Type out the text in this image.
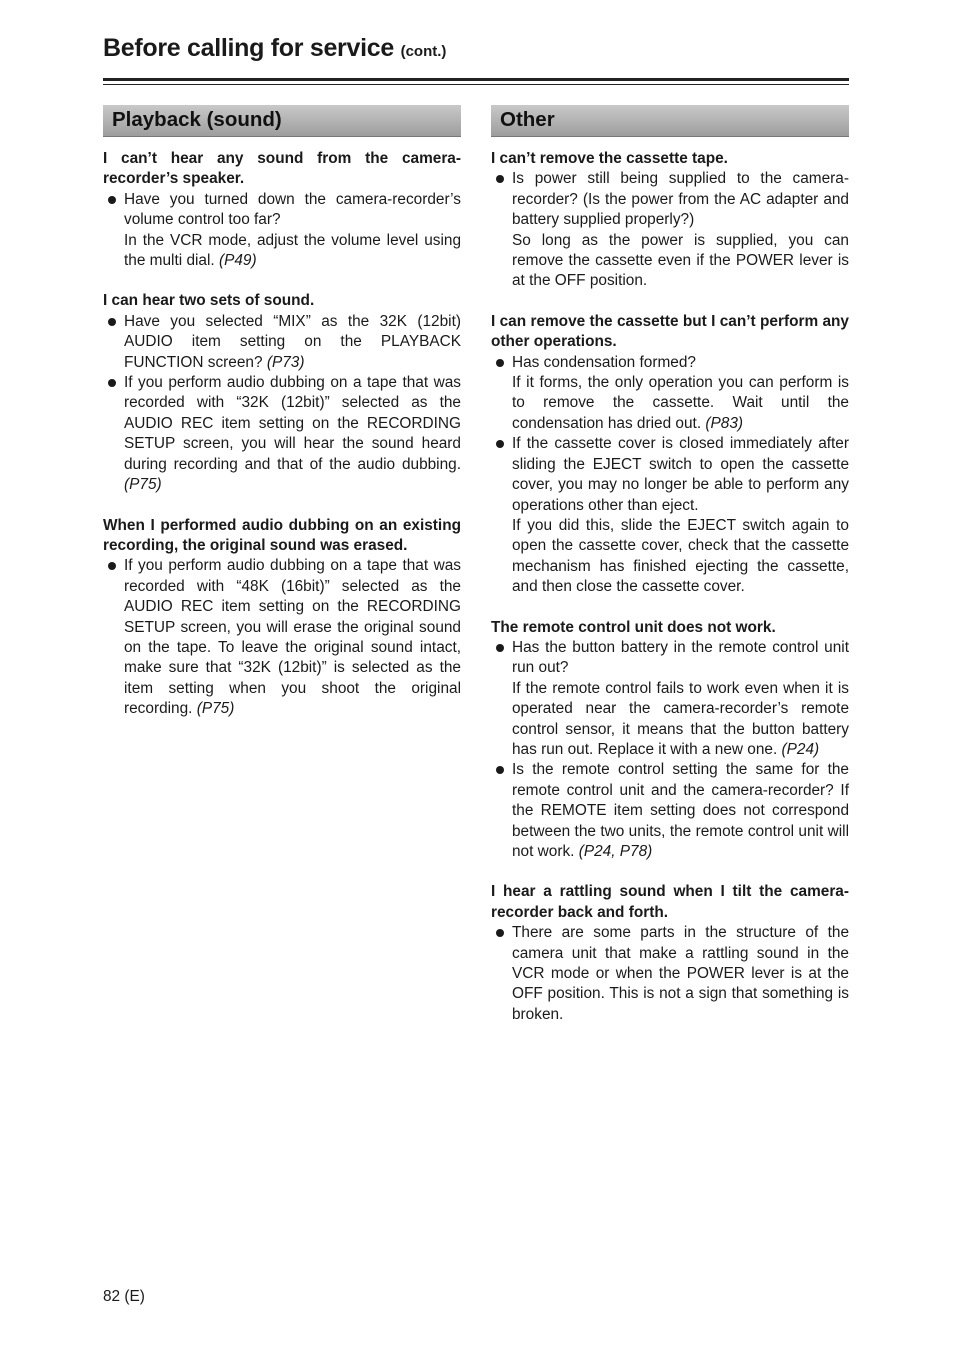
Before calling for service (cont.)
Playback (sound)
I can’t hear any sound from the camera-recorder’s speaker.
Have you turned down the camera-recorder’s volume control too far?
In the VCR mode, adjust the volume level using the multi dial. (P49)
I can hear two sets of sound.
Have you selected “MIX” as the 32K (12bit) AUDIO item setting on the PLAYBACK FUNCTION screen? (P73)
If you perform audio dubbing on a tape that was recorded with “32K (12bit)” selected as the AUDIO REC item setting on the RECORDING SETUP screen, you will hear the sound heard during recording and that of the audio dubbing. (P75)
When I performed audio dubbing on an existing recording, the original sound was erased.
If you perform audio dubbing on a tape that was recorded with “48K (16bit)” selected as the AUDIO REC item setting on the RECORDING SETUP screen, you will erase the original sound on the tape. To leave the original sound intact, make sure that “32K (12bit)” is selected as the item setting when you shoot the original recording. (P75)
Other
I can’t remove the cassette tape.
Is power still being supplied to the camera-recorder? (Is the power from the AC adapter and battery supplied properly?)
So long as the power is supplied, you can remove the cassette even if the POWER lever is at the OFF position.
I can remove the cassette but I can’t perform any other operations.
Has condensation formed?
If it forms, the only operation you can perform is to remove the cassette. Wait until the condensation has dried out. (P83)
If the cassette cover is closed immediately after sliding the EJECT switch to open the cassette cover, you may no longer be able to perform any operations other than eject.
If you did this, slide the EJECT switch again to open the cassette cover, check that the cassette mechanism has finished ejecting the cassette, and then close the cassette cover.
The remote control unit does not work.
Has the button battery in the remote control unit run out?
If the remote control fails to work even when it is operated near the camera-recorder’s remote control sensor, it means that the button battery has run out. Replace it with a new one. (P24)
Is the remote control setting the same for the remote control unit and the camera-recorder? If the REMOTE item setting does not correspond between the two units, the remote control unit will not work. (P24, P78)
I hear a rattling sound when I tilt the camera-recorder back and forth.
There are some parts in the structure of the camera unit that make a rattling sound in the VCR mode or when the POWER lever is at the OFF position. This is not a sign that something is broken.
82 (E)
